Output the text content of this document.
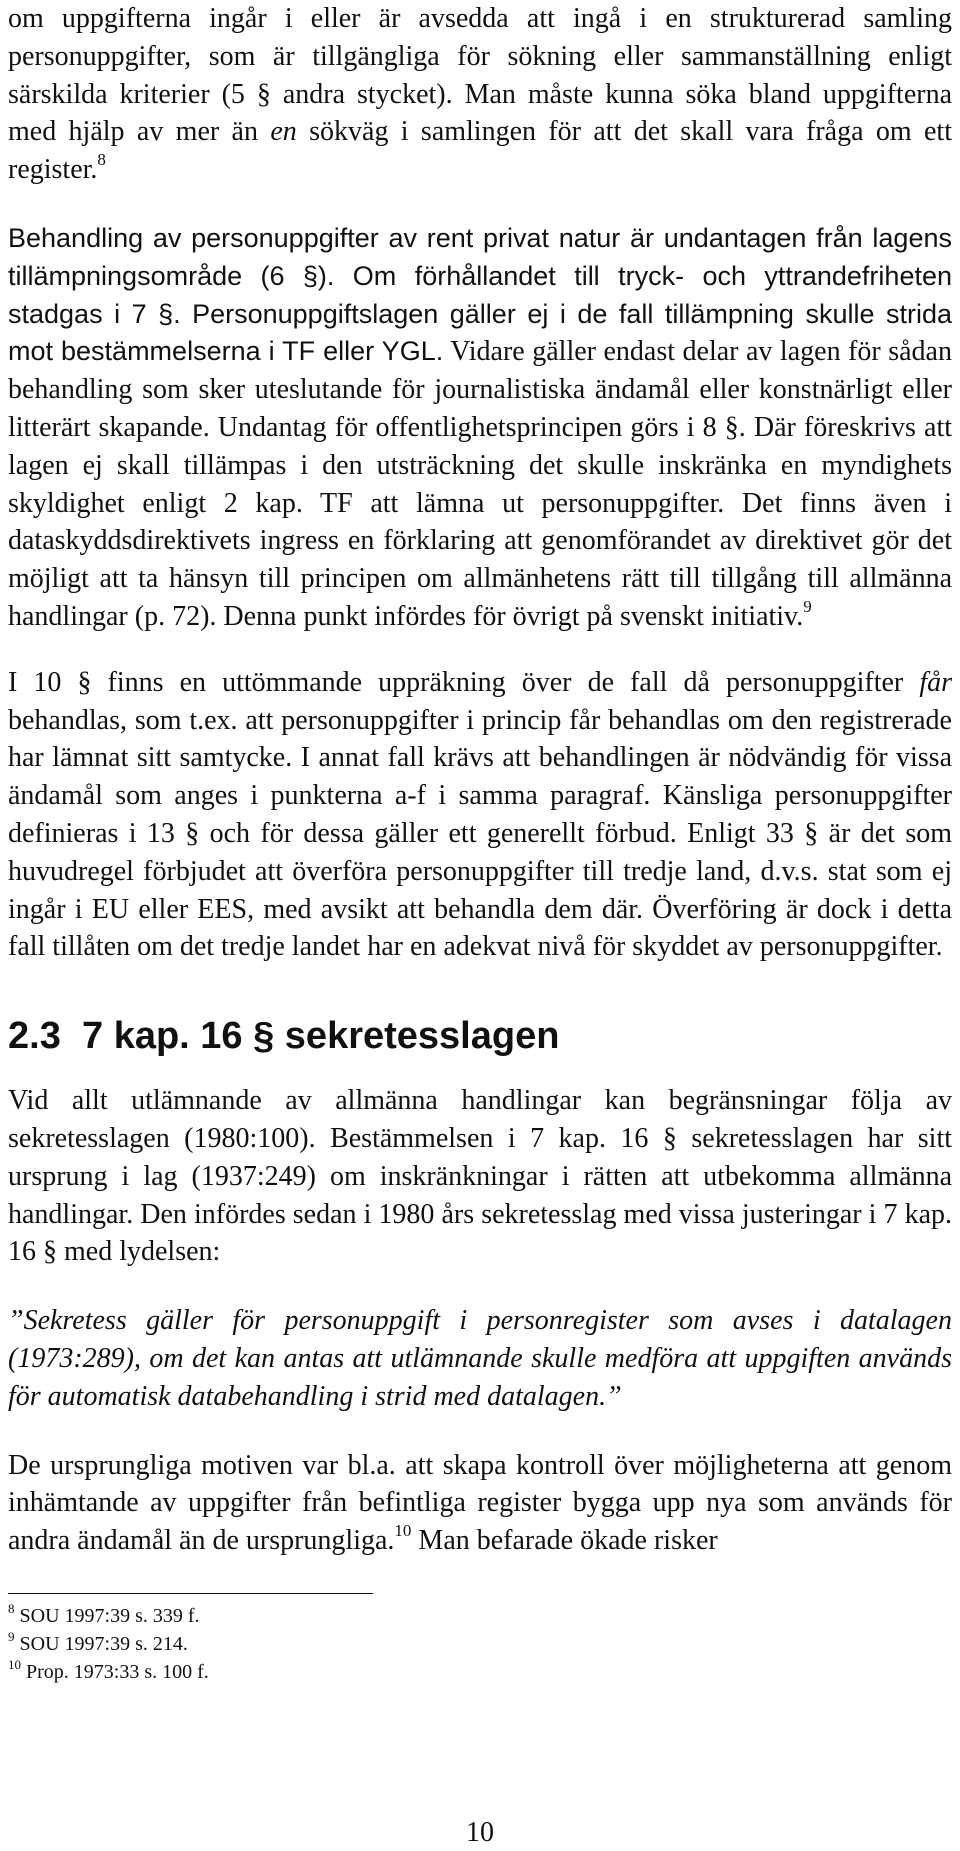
om uppgifterna ingår i eller är avsedda att ingå i en strukturerad samling personuppgifter, som är tillgängliga för sökning eller sammanställning enligt särskilda kriterier (5 § andra stycket). Man måste kunna söka bland uppgifterna med hjälp av mer än en sökväg i samlingen för att det skall vara fråga om ett register.$^8$

Behandling av personuppgifter av rent privat natur är undantagen från lagens tillämpningsområde (6 §). Om förhållandet till tryck- och yttrandefriheten stadgas i 7 §. Personuppgiftslagen gäller ej i de fall tillämpning skulle strida mot bestämmelserna i TF eller YGL. Vidare gäller endast delar av lagen för sådan behandling som sker uteslutande för journalistiska ändamål eller konstnärligt eller litterärt skapande. Undantag för offentlighetsprincipen görs i 8 §. Där föreskrivs att lagen ej skall tillämpas i den utsträckning det skulle inskränka en myndighets skyldighet enligt 2 kap. TF att lämna ut personuppgifter. Det finns även i dataskyddsdirektivets ingress en förklaring att genomförandet av direktivet gör det möjligt att ta hänsyn till principen om allmänhetens rätt till tillgång till allmänna handlingar (p. 72). Denna punkt infördes för övrigt på svenskt initiativ.$^9$

I 10 § finns en uttömmande uppräkning över de fall då personuppgifter får behandlas, som t.ex. att personuppgifter i princip får behandlas om den registrerade har lämnat sitt samtycke. I annat fall krävs att behandlingen är nödvändig för vissa ändamål som anges i punkterna a-f i samma paragraf. Känsliga personuppgifter definieras i 13 § och för dessa gäller ett generellt förbud. Enligt 33 § är det som huvudregel förbjudet att överföra personuppgifter till tredje land, d.v.s. stat som ej ingår i EU eller EES, med avsikt att behandla dem där. Överföring är dock i detta fall tillåten om det tredje landet har en adekvat nivå för skyddet av personuppgifter.

2.3 7 kap. 16 § sekretesslagen

Vid allt utlämnande av allmänna handlingar kan begränsningar följa av sekretesslagen (1980:100). Bestämmelsen i 7 kap. 16 § sekretesslagen har sitt ursprung i lag (1937:249) om inskränkningar i rätten att utbekomma allmänna handlingar. Den infördes sedan i 1980 års sekretesslag med vissa justeringar i 7 kap. 16 § med lydelsen:

”Sekretess gäller för personuppgift i personregister som avses i datalagen (1973:289), om det kan antas att utlämnande skulle medföra att uppgiften används för automatisk databehandling i strid med datalagen.”

De ursprungliga motiven var bl.a. att skapa kontroll över möjligheterna att genom inhämtande av uppgifter från befintliga register bygga upp nya som används för andra ändamål än de ursprungliga.$^{10}$ Man befarade ökade risker

$^8$ SOU 1997:39 s. 339 f.

$^9$ SOU 1997:39 s. 214.

$^{10}$ Prop. 1973:33 s. 100 f.

10
